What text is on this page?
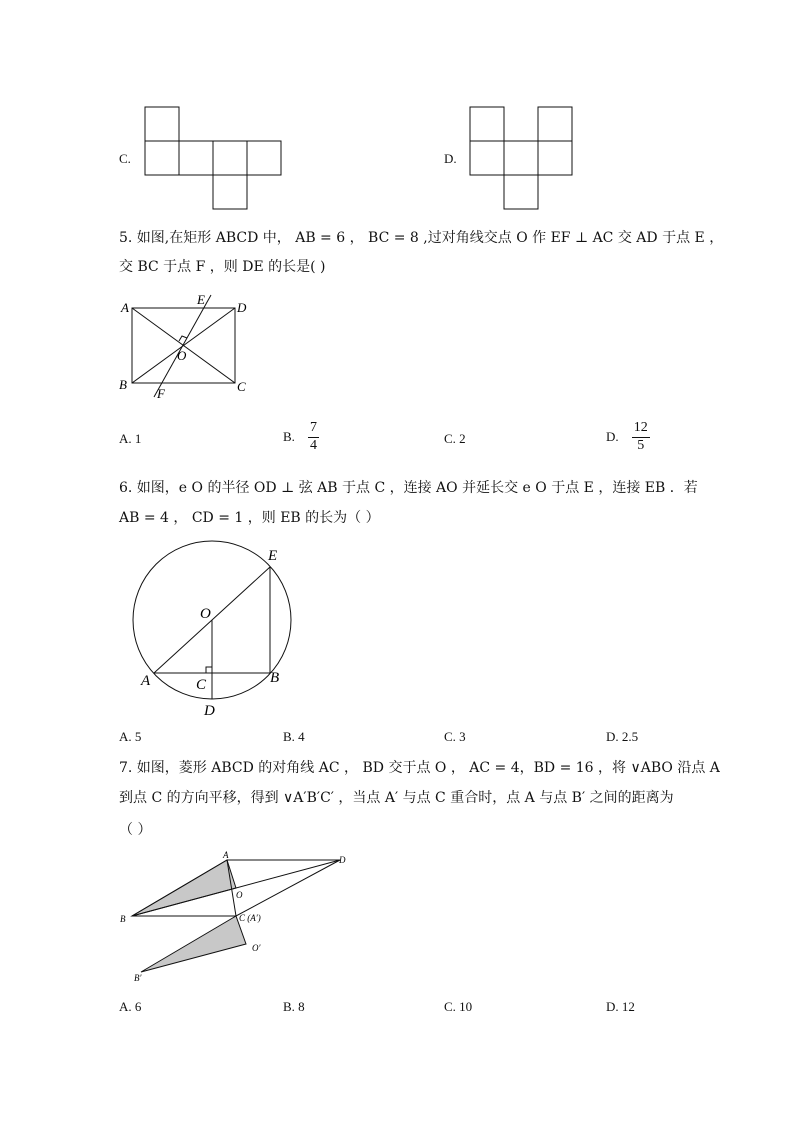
C.	D.
5. 如图,在矩形 ABCD 中， AB = 6 ， BC = 8 ,过对角线交点 O 作 EF ⊥ AC 交 AD 于点 E ，
交 BC 于点 F ，则 DE 的长是( )
A	D
E
O
B	C
F
A. 1	B. $\frac{7}{4}$	C. 2	D. $\frac{12}{5}$
6. 如图，e O 的半径 OD ⊥ 弦 AB 于点 C ，连接 AO 并延长交 e O 于点 E ，连接 EB ．若
AB = 4 ， CD = 1 ，则 EB 的长为（ ）
O
E
A	B
C
D
A. 5	B. 4	C. 3	D. 2.5
7. 如图，菱形 ABCD 的对角线 AC ， BD 交于点 O ， AC = 4，BD = 16 ，将 ∨ABO 沿点 A
到点 C 的方向平移，得到 ∨A′B′C′ ，当点 A′ 与点 C 重合时，点 A 与点 B′ 之间的距离为
（ ）
A	D
O
B	C (A′)
O′
B′
A. 6	B. 8	C. 10	D. 12
